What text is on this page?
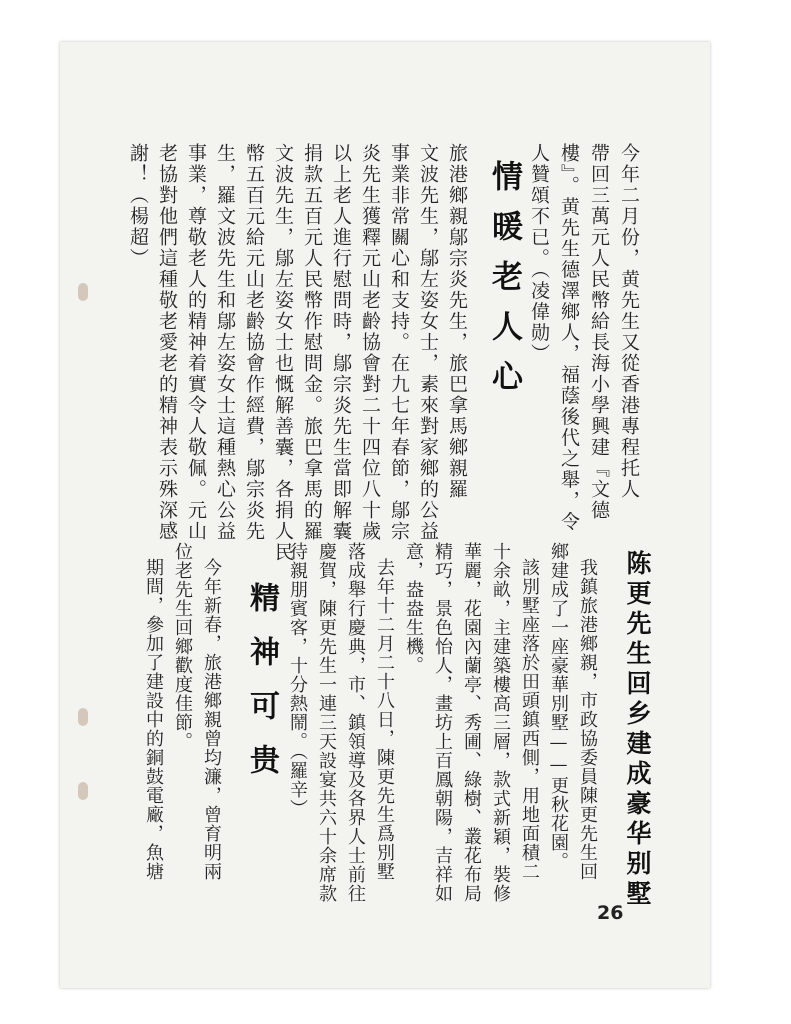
今年二月份，黄先生又從香港專程托人
帶回三萬元人民幣給長海小學興建『文德
樓』。黄先生德澤鄉人，福蔭後代之舉，令
人贊頌不已。（凌偉勋）
情暖老人心
旅港鄉親鄔宗炎先生，旅巴拿馬鄉親羅
文波先生，鄔左姿女士，素來對家鄉的公益
事業非常關心和支持。在九七年春節，鄔宗
炎先生獲釋元山老齡協會對二十四位八十歲
以上老人進行慰問時，鄔宗炎先生當即解囊
捐款五百元人民幣作慰問金。旅巴拿馬的羅
文波先生，鄔左姿女士也慨解善囊，各捐人民
幣五百元給元山老齡協會作經費，鄔宗炎先
生，羅文波先生和鄔左姿女士這種熱心公益
事業，尊敬老人的精神着實令人敬佩。元山
老協對他們這種敬老愛老的精神表示殊深感
謝！（楊超）
陈更先生回乡建成豪华别墅
我鎮旅港鄉親，市政協委員陳更先生回
鄉建成了一座豪華別墅——更秋花園。
該別墅座落於田頭鎮西側，用地面積二
十余畝，主建築樓高三層，款式新穎，裝修
華麗，花園內蘭亭、秀圃、綠樹、叢花布局
精巧，景色怡人，畫坊上百鳳朝陽，吉祥如
意，盎盎生機。
去年十二月二十八日，陳更先生爲別墅
落成舉行慶典，市、鎮領導及各界人士前往
慶賀，陳更先生一連三天設宴共六十余席款
待親朋賓客，十分熱鬧。（羅辛）
精神可贵
今年新春，旅港鄉親曾均濂，曾育明兩
位老先生回鄉歡度佳節。
期間，參加了建設中的銅鼓電廠，魚塘
26
